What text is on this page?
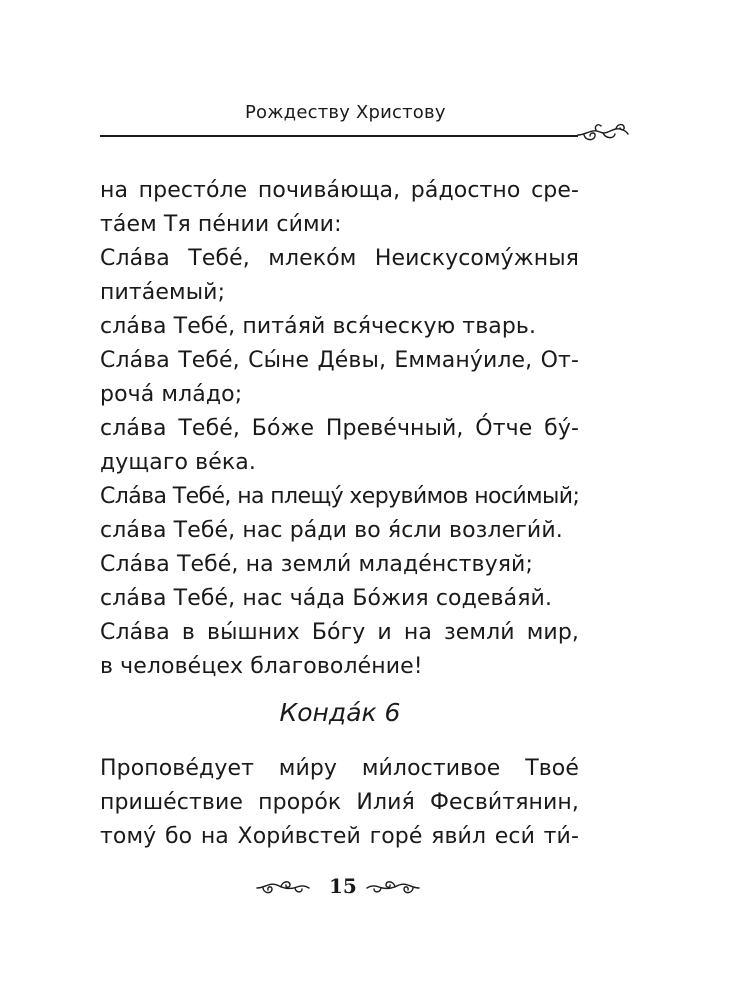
Рождеству Христову
на престо́ле почива́юща, ра́достно сре-
та́ем Тя пе́нии си́ми:
Сла́ва Тебе́, млеко́м Неискусому́жныя
пита́емый;
сла́ва Тебе́, пита́яй вся́ческую тварь.
Сла́ва Тебе́, Сы́не Де́вы, Емману́иле, От-
роча́ мла́до;
сла́ва Тебе́, Бо́же Преве́чный, О́тче бу́-
дущаго ве́ка.
Сла́ва Тебе́, на плещу́ херуви́мов носи́мый;
сла́ва Тебе́, нас ра́ди во я́сли возлеги́й.
Сла́ва Тебе́, на земли́ младе́нствуяй;
сла́ва Тебе́, нас ча́да Бо́жия содева́яй.
Сла́ва в вы́шних Бо́гу и на земли́ мир,
в челове́цех благоволе́ние!
Конда́к 6
Пропове́дует ми́ру ми́лостивое Твое́
прише́ствие проро́к Илия́ Фесви́тянин,
тому́ бо на Хори́встей горе́ яви́л еси́ ти́-
15
